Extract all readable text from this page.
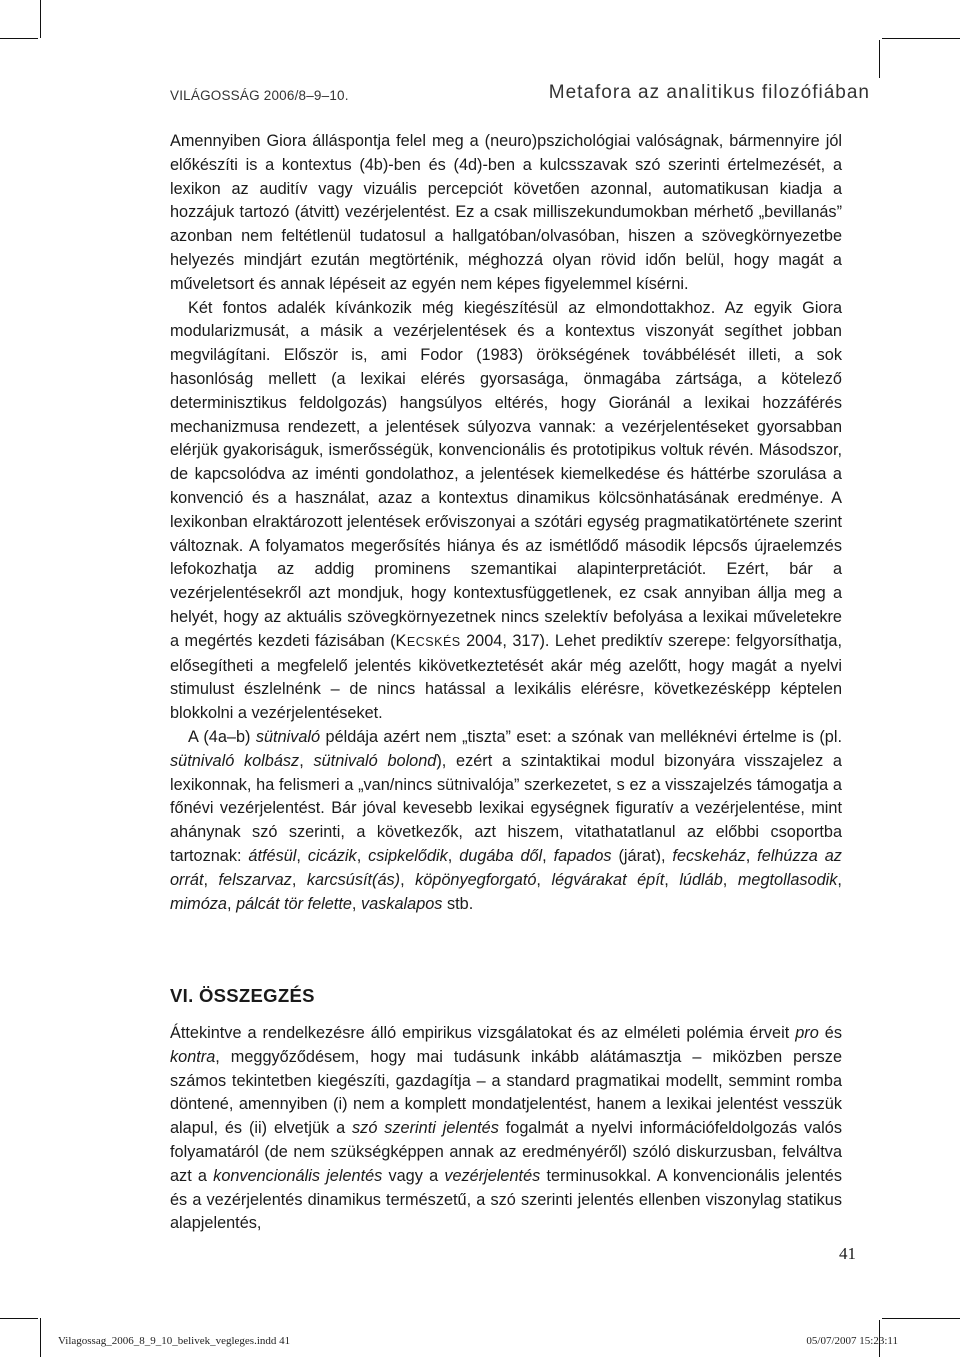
VILÁGOSSÁG 2006/8–9–10.	Metafora az analitikus filozófiában

Amennyiben Giora álláspontja felel meg a (neuro)pszichológiai valóságnak, bármennyire jól előkészíti is a kontextus (4b)-ben és (4d)-ben a kulcsszavak szó szerinti értelmezését, a lexikon az auditív vagy vizuális percepciót követően azonnal, automatikusan kiadja a hozzájuk tartozó (átvitt) vezérjelentést. Ez a csak milliszekundumokban mérhető „bevillanás” azonban nem feltétlenül tudatosul a hallgatóban/olvasóban, hiszen a szövegkörnyezetbe helyezés mindjárt ezután megtörténik, méghozzá olyan rövid időn belül, hogy magát a műveletsort és annak lépéseit az egyén nem képes figyelemmel kísérni.

Két fontos adalék kívánkozik még kiegészítésül az elmondottakhoz. Az egyik Giora modularizmusát, a másik a vezérjelentések és a kontextus viszonyát segíthet jobban megvilágítani. Először is, ami Fodor (1983) örökségének továbbélését illeti, a sok hasonlóság mellett (a lexikai elérés gyorsasága, önmagába zártsága, a kötelező determinisztikus feldolgozás) hangsúlyos eltérés, hogy Gioránál a lexikai hozzáférés mechanizmusa rendezett, a jelentések súlyozva vannak: a vezérjelentéseket gyorsabban elérjük gyakoriságuk, ismerősségük, konvencionális és prototipikus voltuk révén. Másodszor, de kapcsolódva az iménti gondolathoz, a jelentések kiemelkedése és háttérbe szorulása a konvenció és a használat, azaz a kontextus dinamikus kölcsönhatásának eredménye. A lexikonban elraktározott jelentések erőviszonyai a szótári egység pragmatikatörténete szerint változnak. A folyamatos megerősítés hiánya és az ismétlődő második lépcsős újraelemzés lefokozhatja az addig prominens szemantikai alapinterpretációt. Ezért, bár a vezérjelentésekről azt mondjuk, hogy kontextusfüggetlenek, ez csak annyiban állja meg a helyét, hogy az aktuális szövegkörnyezetnek nincs szelektív befolyása a lexikai műveletekre a megértés kezdeti fázisában (KECSKÉS 2004, 317). Lehet prediktív szerepe: felgyorsíthatja, elősegítheti a megfelelő jelentés kikövetkeztetését akár még azelőtt, hogy magát a nyelvi stimulust észlelnénk – de nincs hatással a lexikális elérésre, következésképp képtelen blokkolni a vezérjelentéseket.

A (4a–b) sütnivaló példája azért nem „tiszta” eset: a szónak van melléknévi értelme is (pl. sütnivaló kolbász, sütnivaló bolond), ezért a szintaktikai modul bizonyára visszajelez a lexikonnak, ha felismeri a „van/nincs sütnivalója” szerkezetet, s ez a visszajelzés támogatja a főnévi vezérjelentést. Bár jóval kevesebb lexikai egységnek figuratív a vezérjelentése, mint ahánynak szó szerinti, a következők, azt hiszem, vitathatatlanul az előbbi csoportba tartoznak: átfésül, cicázik, csipkelődik, dugába dől, fapados (járat), fecskeház, felhúzza az orrát, felszarvaz, karcsúsít(ás), köpönyegforgató, légvárakat épít, lúdláb, megtollasodik, mimóza, pálcát tör felette, vaskalapos stb.

VI. ÖSSZEGZÉS

Áttekintve a rendelkezésre álló empirikus vizsgálatokat és az elméleti polémia érveit pro és kontra, meggyőződésem, hogy mai tudásunk inkább alátámasztja – miközben persze számos tekintetben kiegészíti, gazdagítja – a standard pragmatikai modellt, semmint romba döntené, amennyiben (i) nem a komplett mondatjelentést, hanem a lexikai jelentést vesszük alapul, és (ii) elvetjük a szó szerinti jelentés fogalmát a nyelvi információfeldolgozás valós folyamatáról (de nem szükségképpen annak az eredményéről) szóló diskurzusban, felváltva azt a konvencionális jelentés vagy a vezérjelentés terminusokkal. A konvencionális jelentés és a vezérjelentés dinamikus természetű, a szó szerinti jelentés ellenben viszonylag statikus alapjelentés,

41
Vilagossag_2006_8_9_10_belivek_vegleges.indd 41	05/07/2007 15:23:11
